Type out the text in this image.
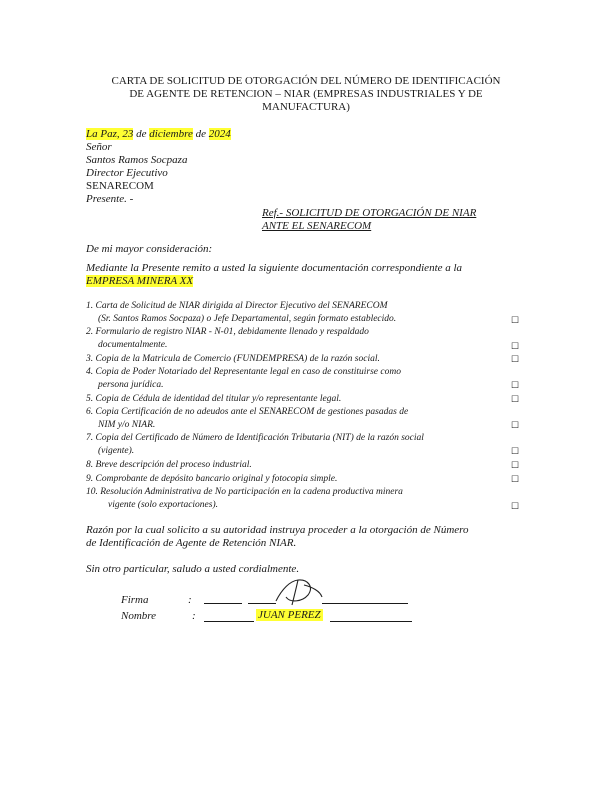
CARTA DE SOLICITUD DE OTORGACIÓN DEL NÚMERO DE IDENTIFICACIÓN
DE AGENTE DE RETENCION – NIAR (EMPRESAS INDUSTRIALES Y DE
MANUFACTURA)
La Paz, 23 de diciembre de 2024
Señor
Santos Ramos Socpaza
Director Ejecutivo
SENARECOM
Presente. -
Ref.- SOLICITUD DE OTORGACIÓN DE NIAR
ANTE EL SENARECOM
De mi mayor consideración:
Mediante la Presente remito a usted la siguiente documentación correspondiente a la
EMPRESA MINERA XX
1. Carta de Solicitud de NIAR dirigida al Director Ejecutivo del SENARECOM
(Sr. Santos Ramos Socpaza) o Jefe Departamental, según formato establecido.	☐
2. Formulario de registro NIAR - N-01, debidamente llenado y respaldado
documentalmente.	☐
3. Copia de la Matricula de Comercio (FUNDEMPRESA) de la razón social.	☐
4. Copia de Poder Notariado del Representante legal en caso de constituirse como
persona jurídica.	☐
5. Copia de Cédula de identidad del titular y/o representante legal.	☐
6. Copia Certificación de no adeudos ante el SENARECOM de gestiones pasadas de
NIM y/o NIAR.	☐
7. Copia del Certificado de Número de Identificación Tributaria (NIT) de la razón social
(vigente).	☐
8. Breve descripción del proceso industrial.	☐
9. Comprobante de depósito bancario original y fotocopia simple.	☐
10. Resolución Administrativa de No participación en la cadena productiva minera
vigente (solo exportaciones).	☐
Razón por la cual solicito a su autoridad instruya proceder a la otorgación de Número
de Identificación de Agente de Retención NIAR.
Sin otro particular, saludo a usted cordialmente.
Firma	:
Nombre	:	JUAN PEREZ
